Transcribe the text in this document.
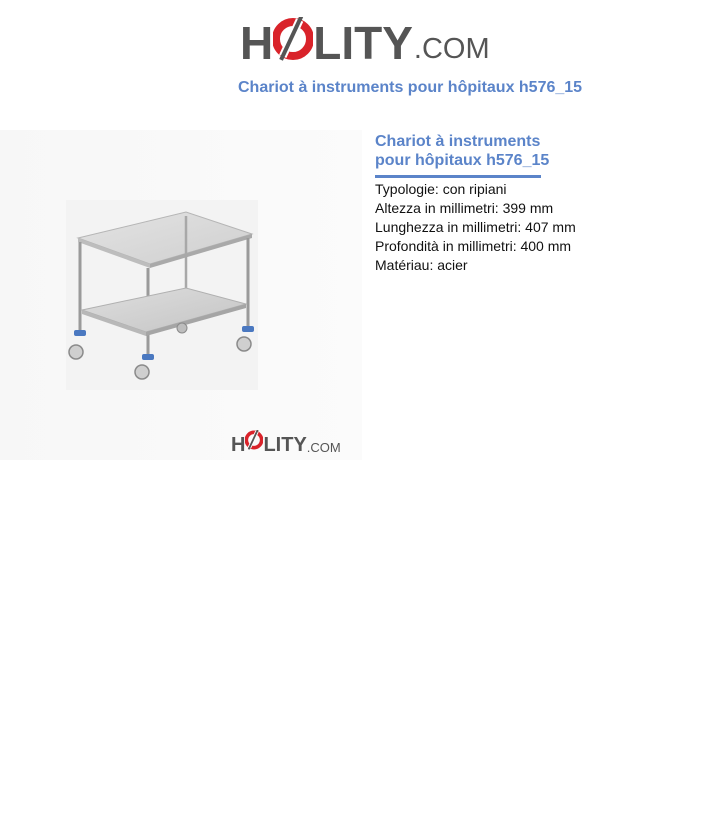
H LITY .COM
Chariot à instruments pour hôpitaux h576_15
H LITY .COM
Chariot à instruments pour hôpitaux h576_15
Typologie: con ripiani
Altezza in millimetri: 399 mm
Lunghezza in millimetri: 407 mm
Profondità in millimetri: 400 mm
Matériau: acier
